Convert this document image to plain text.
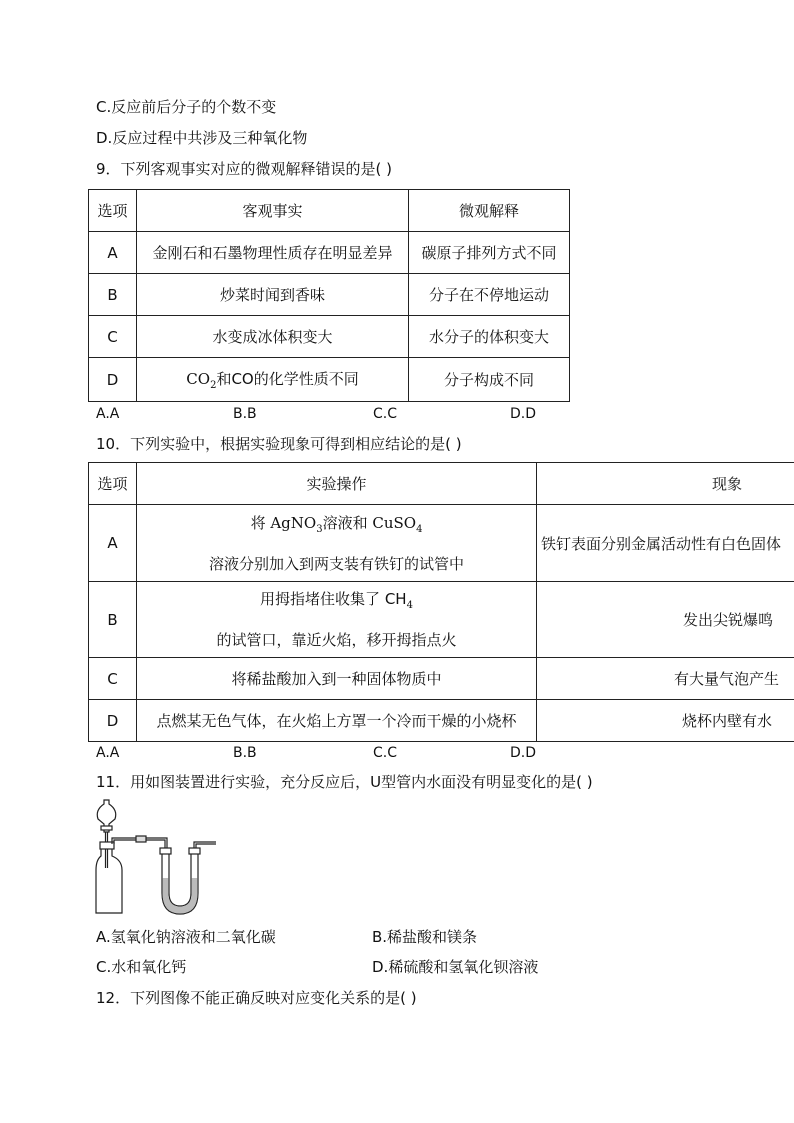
C.反应前后分子的个数不变
D.反应过程中共涉及三种氧化物
9．下列客观事实对应的微观解释错误的是( )
选项	客观事实	微观解释
A	金刚石和石墨物理性质存在明显差异	碳原子排列方式不同
B	炒菜时闻到香味	分子在不停地运动
C	水变成冰体积变大	水分子的体积变大
D	$CO_2$和CO的化学性质不同	分子构成不同
A.A	B.B	C.C	D.D
10．下列实验中，根据实验现象可得到相应结论的是( )
选项	实验操作	现象
A	将 AgNO$_3$溶液和 CuSO$_4$
溶液分别加入到两支装有铁钉的试管中	铁钉表面分别金属活动性有白色固体
B	用拇指堵住收集了 $CH_4$
的试管口，靠近火焰，移开拇指点火	发出尖锐爆鸣
C	将稀盐酸加入到一种固体物质中	有大量气泡产生
D	点燃某无色气体，在火焰上方罩一个冷而干燥的小烧杯	烧杯内壁有水
A.A	B.B	C.C	D.D
11．用如图装置进行实验，充分反应后，U型管内水面没有明显变化的是( )
A.氢氧化钠溶液和二氧化碳	B.稀盐酸和镁条
C.水和氧化钙	D.稀硫酸和氢氧化钡溶液
12．下列图像不能正确反映对应变化关系的是( )
